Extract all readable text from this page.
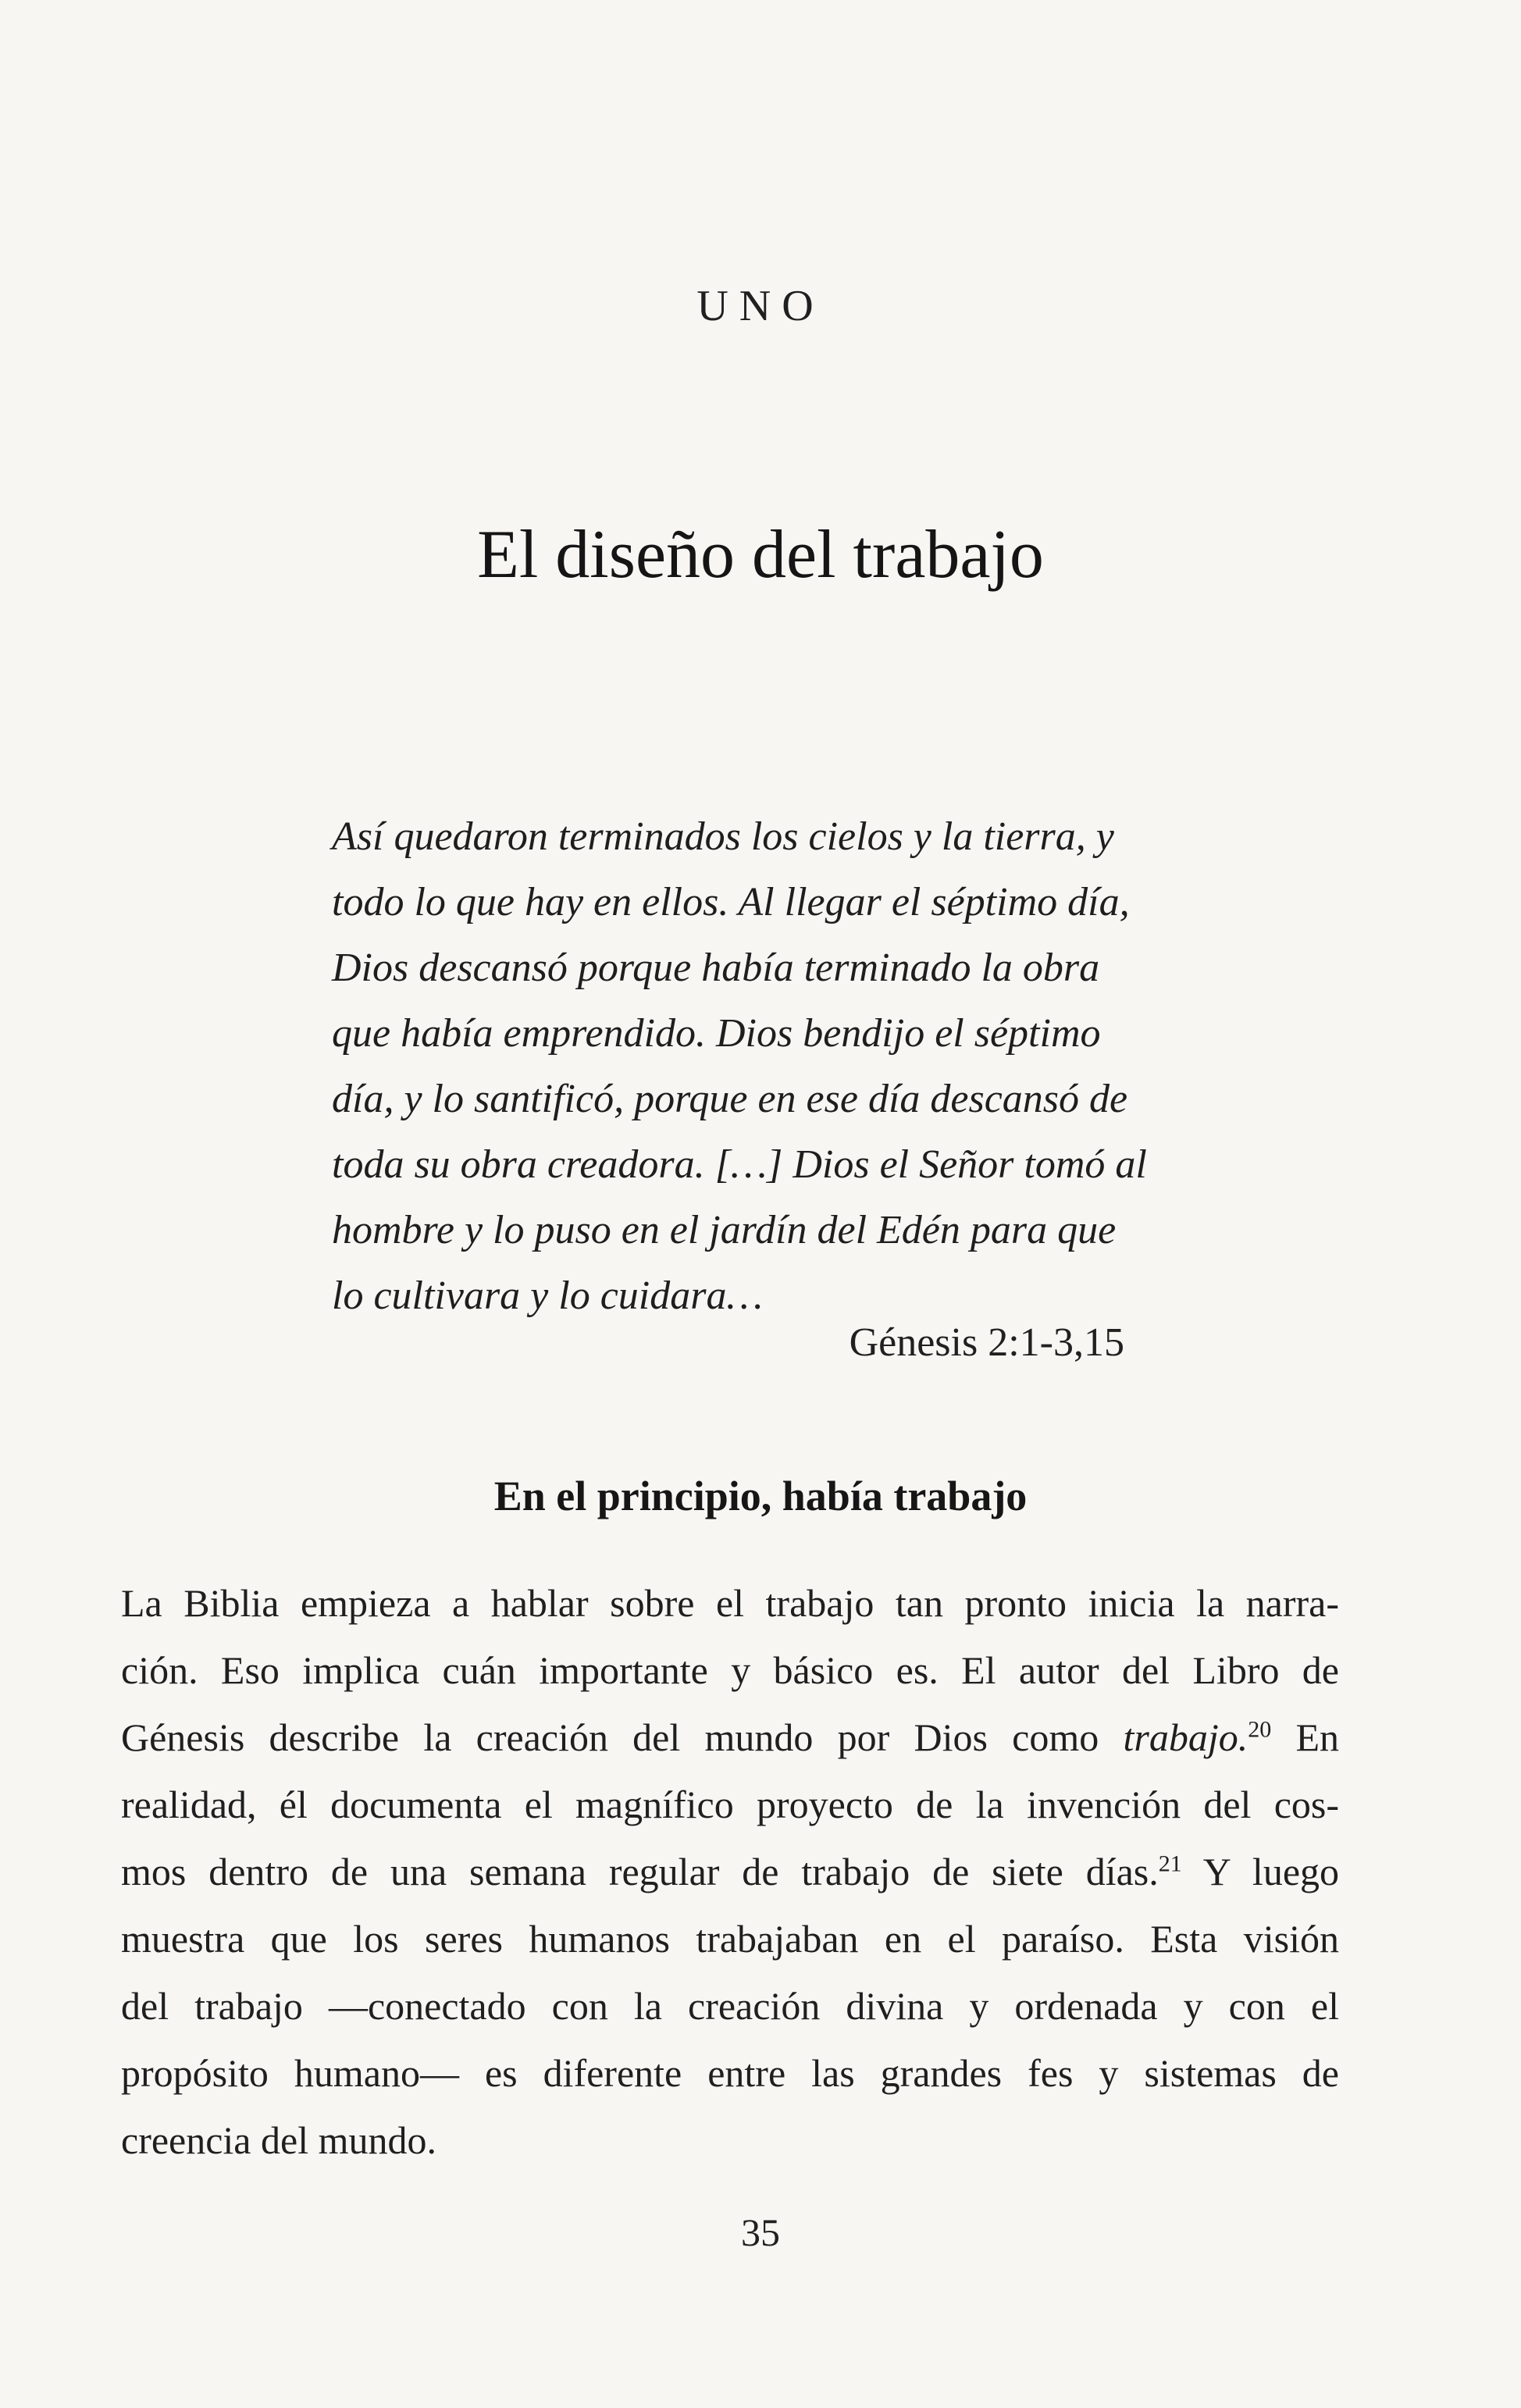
UNO
El diseño del trabajo
Así quedaron terminados los cielos y la tierra, y
todo lo que hay en ellos. Al llegar el séptimo día,
Dios descansó porque había terminado la obra
que había emprendido. Dios bendijo el séptimo
día, y lo santificó, porque en ese día descansó de
toda su obra creadora. […] Dios el Señor tomó al
hombre y lo puso en el jardín del Edén para que
lo cultivara y lo cuidara…
Génesis 2:1-3,15
En el principio, había trabajo
La Biblia empieza a hablar sobre el trabajo tan pronto inicia la narra-
ción. Eso implica cuán importante y básico es. El autor del Libro de
Génesis describe la creación del mundo por Dios como trabajo.$^{20}$ En
realidad, él documenta el magnífico proyecto de la invención del cos-
mos dentro de una semana regular de trabajo de siete días.$^{21}$ Y luego
muestra que los seres humanos trabajaban en el paraíso. Esta visión
del trabajo —conectado con la creación divina y ordenada y con el
propósito humano— es diferente entre las grandes fes y sistemas de
creencia del mundo.
35
